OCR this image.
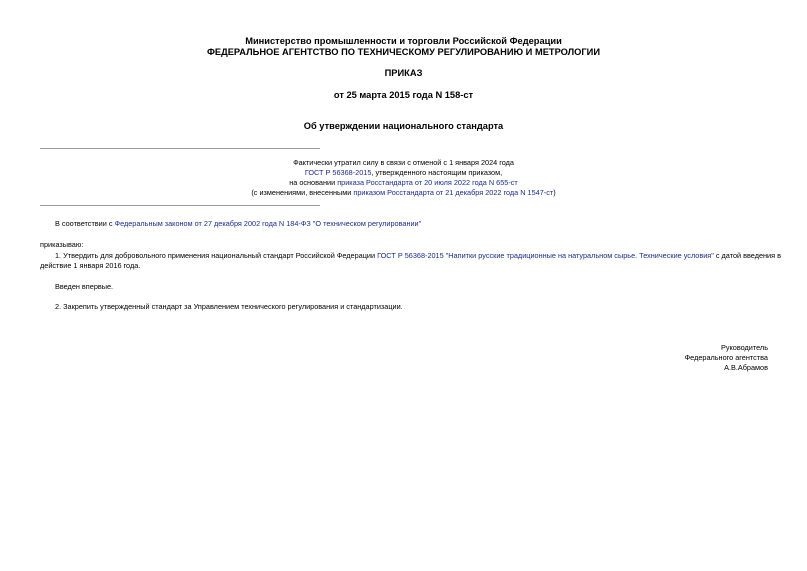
Министерство промышленности и торговли Российской Федерации
ФЕДЕРАЛЬНОЕ АГЕНТСТВО ПО ТЕХНИЧЕСКОМУ РЕГУЛИРОВАНИЮ И МЕТРОЛОГИИ
ПРИКАЗ
от 25 марта 2015 года N 158-ст
Об утверждении национального стандарта
Фактически утратил силу в связи с отменой с 1 января 2024 года
ГОСТ Р 56368-2015, утвержденного настоящим приказом,
на основании приказа Росстандарта от 20 июля 2022 года N 655-ст
(с изменениями, внесенными приказом Росстандарта от 21 декабря 2022 года N 1547-ст)
В соответствии с Федеральным законом от 27 декабря 2002 года N 184-ФЗ "О техническом регулировании"
приказываю:
1. Утвердить для добровольного применения национальный стандарт Российской Федерации ГОСТ Р 56368-2015 "Напитки русские традиционные на натуральном сырье. Технические условия" с датой введения в
действие 1 января 2016 года.
Введен впервые.
2. Закрепить утвержденный стандарт за Управлением технического регулирования и стандартизации.
Руководитель
Федерального агентства
А.В.Абрамов
